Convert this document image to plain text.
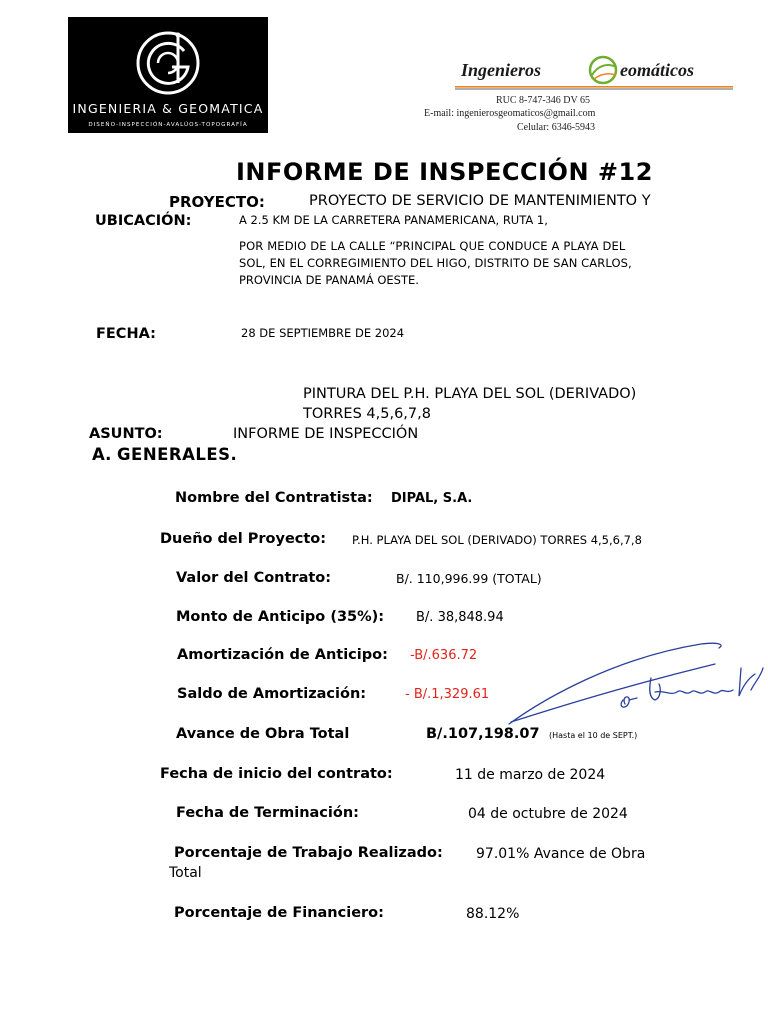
INGENIERIA & GEOMATICA
DISEÑO-INSPECCIÓN-AVALÚOS-TOPOGRAFÍA
Ingenieros	eomáticos
RUC 8-747-346 DV 65
E-mail: ingenierosgeomaticos@gmail.com
Celular: 6346-5943
INFORME DE INSPECCIÓN #12
PROYECTO:	PROYECTO DE SERVICIO DE MANTENIMIENTO Y
UBICACIÓN:	A 2.5 KM DE LA CARRETERA PANAMERICANA, RUTA 1,
POR MEDIO DE LA CALLE “PRINCIPAL QUE CONDUCE A PLAYA DEL
SOL, EN EL CORREGIMIENTO DEL HIGO, DISTRITO DE SAN CARLOS,
PROVINCIA DE PANAMÁ OESTE.
FECHA:	28 DE SEPTIEMBRE DE 2024
PINTURA DEL P.H. PLAYA DEL SOL (DERIVADO)
TORRES 4,5,6,7,8
ASUNTO:	INFORME DE INSPECCIÓN
A. GENERALES.
Nombre del Contratista: DIPAL, S.A.
Dueño del Proyecto: P.H. PLAYA DEL SOL (DERIVADO) TORRES 4,5,6,7,8
Valor del Contrato:	B/. 110,996.99 (TOTAL)
Monto de Anticipo (35%): B/. 38,848.94
Amortización de Anticipo: -B/.636.72
Saldo de Amortización:	- B/.1,329.61
Avance de Obra Total	B/.107,198.07 (Hasta el 10 de SEPT.)
Fecha de inicio del contrato:	11 de marzo de 2024
Fecha de Terminación:	04 de octubre de 2024
Porcentaje de Trabajo Realizado: 97.01% Avance de Obra
Total
Porcentaje de Financiero:	88.12%
